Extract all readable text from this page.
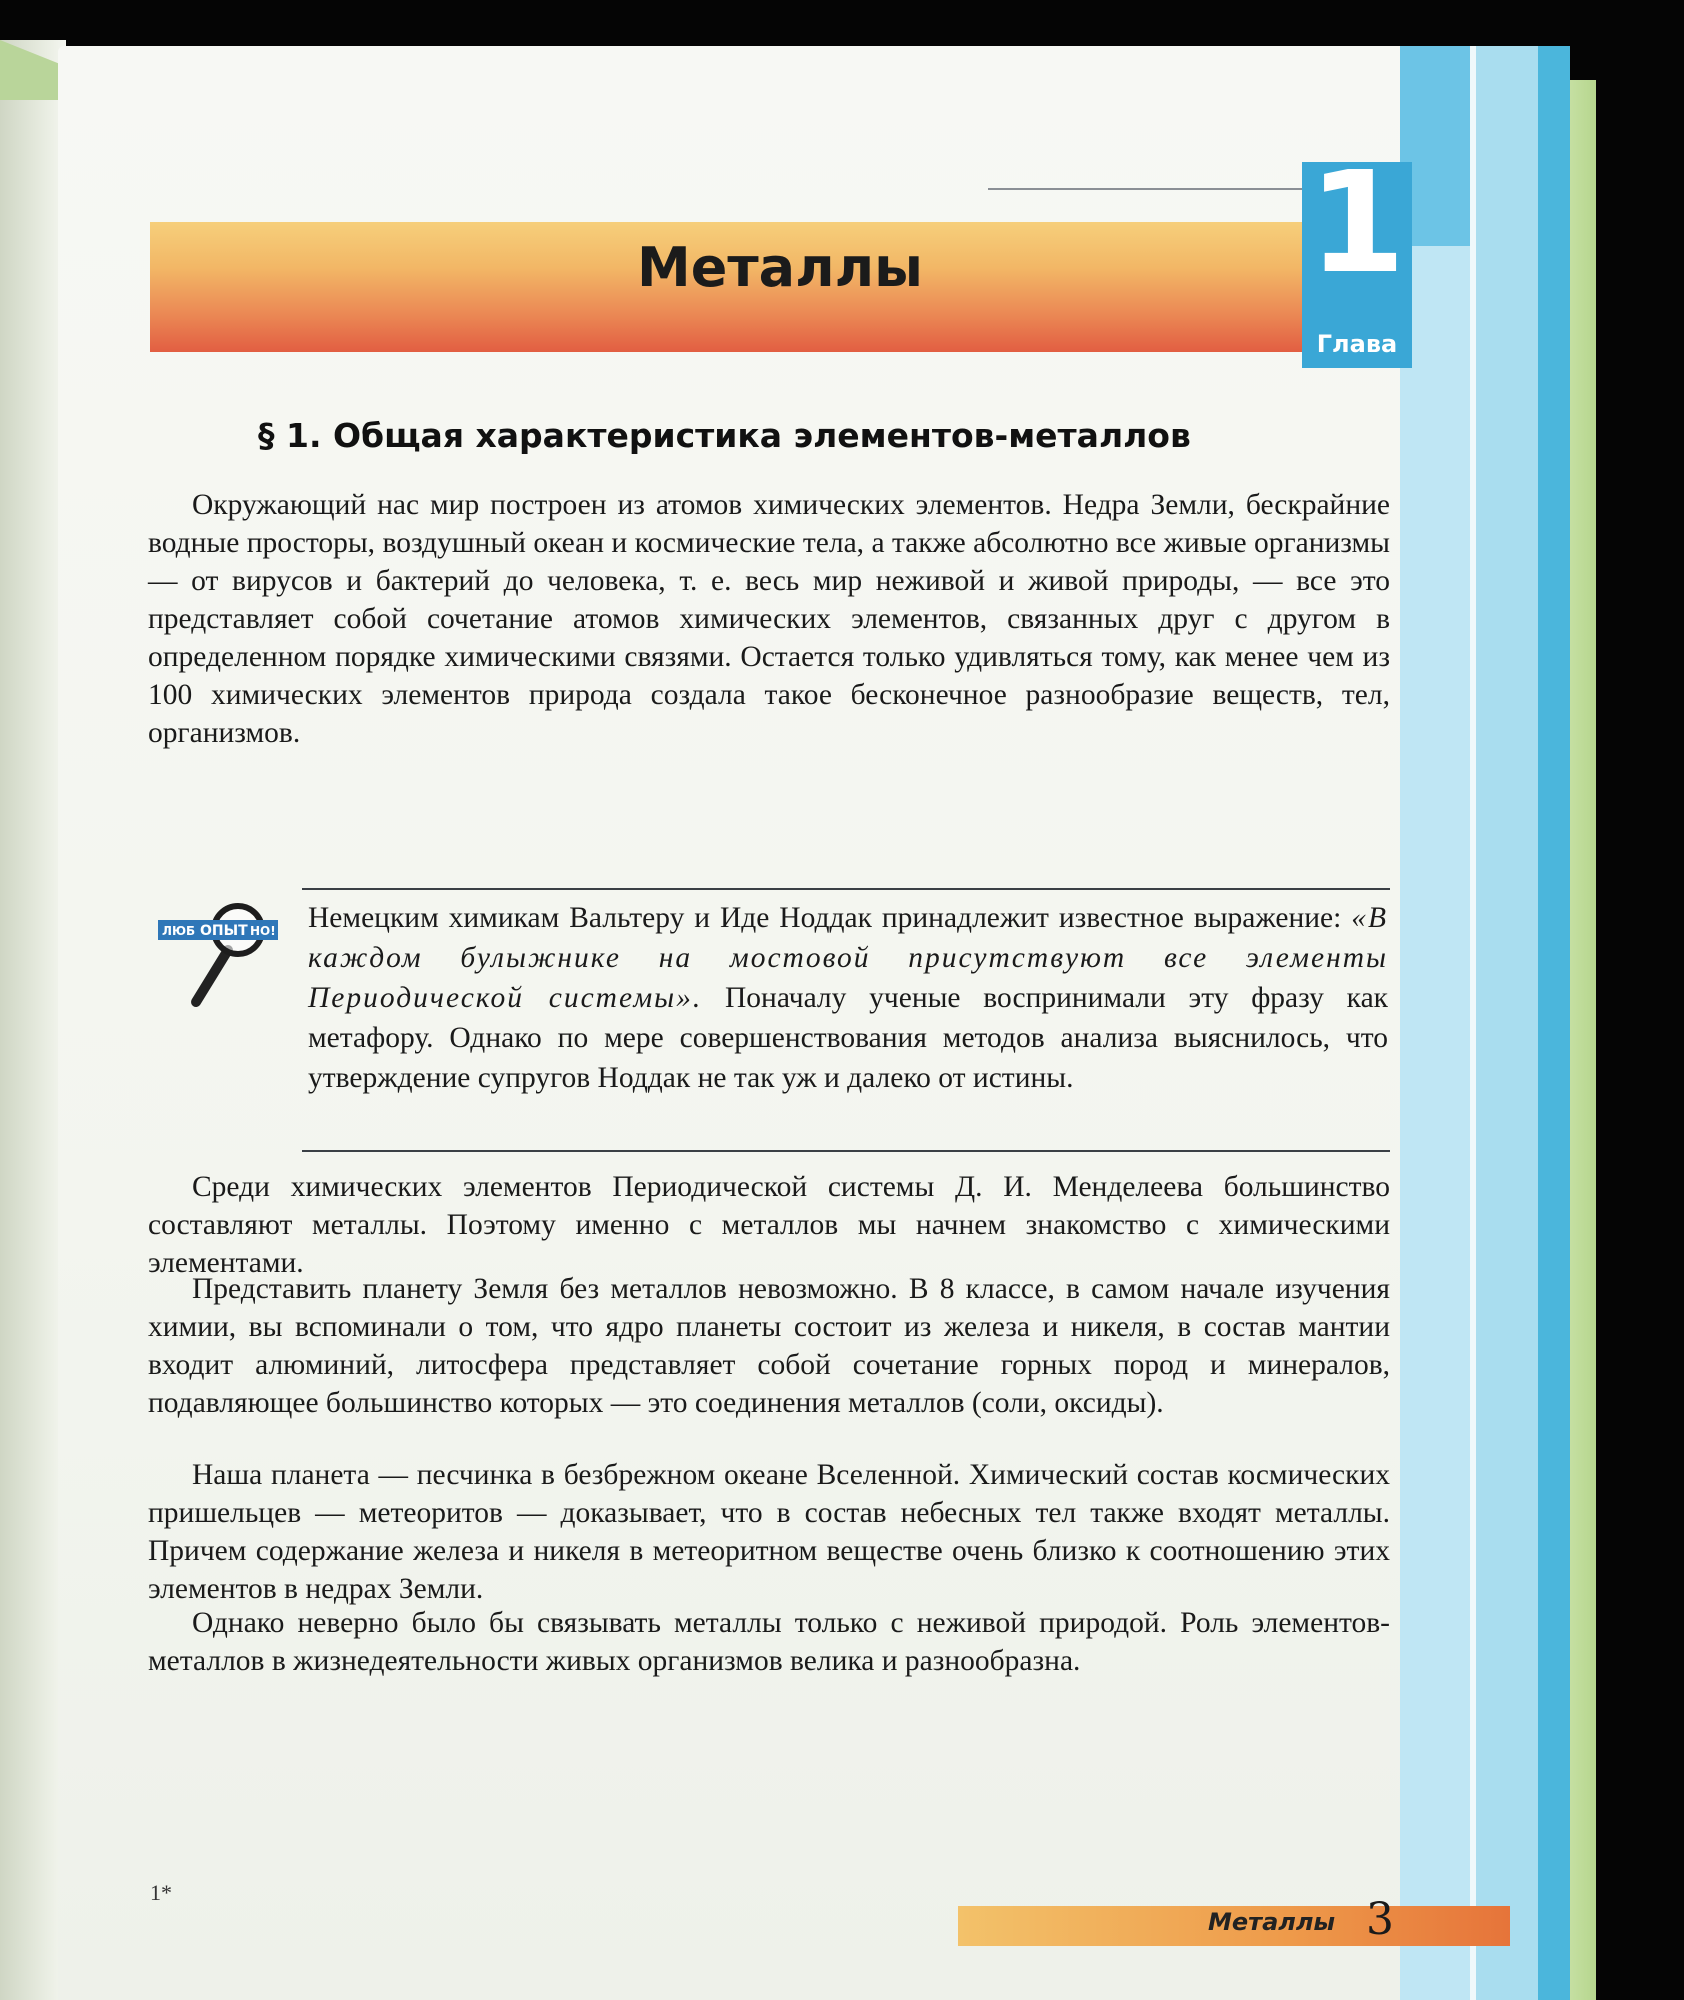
Металлы	1
Глава
§ 1. Общая характеристика элементов-металлов

Окружающий нас мир построен из атомов химических элементов. Недра Земли, бескрайние водные просторы, воздушный океан и космические тела, а также абсолютно все живые организмы — от вирусов и бактерий до человека, т. е. весь мир неживой и живой природы, — все это представляет собой сочетание атомов химических элементов, связанных друг с другом в определенном порядке химическими связями. Остается только удивляться тому, как менее чем из 100 химических элементов природа создала такое бесконечное разнообразие веществ, тел, организмов.

ЛЮБ ОПЫТ НО! Немецким химикам Вальтеру и Иде Ноддак принадлежит известное выражение: «В каждом булыжнике на мостовой присутствуют все элементы Периодической системы». Поначалу ученые воспринимали эту фразу как метафору. Однако по мере совершенствования методов анализа выяснилось, что утверждение супругов Ноддак не так уж и далеко от истины.

Среди химических элементов Периодической системы Д. И. Менделеева большинство составляют металлы. Поэтому именно с металлов мы начнем знакомство с химическими элементами.

Представить планету Земля без металлов невозможно. В 8 классе, в самом начале изучения химии, вы вспоминали о том, что ядро планеты состоит из железа и никеля, в состав мантии входит алюминий, литосфера представляет собой сочетание горных пород и минералов, подавляющее большинство которых — это соединения металлов (соли, оксиды).

Наша планета — песчинка в безбрежном океане Вселенной. Химический состав космических пришельцев — метеоритов — доказывает, что в состав небесных тел также входят металлы. Причем содержание железа и никеля в метеоритном веществе очень близко к соотношению этих элементов в недрах Земли.

Однако неверно было бы связывать металлы только с неживой природой. Роль элементов-металлов в жизнедеятельности живых организмов велика и разнообразна.

1*
Металлы 3
